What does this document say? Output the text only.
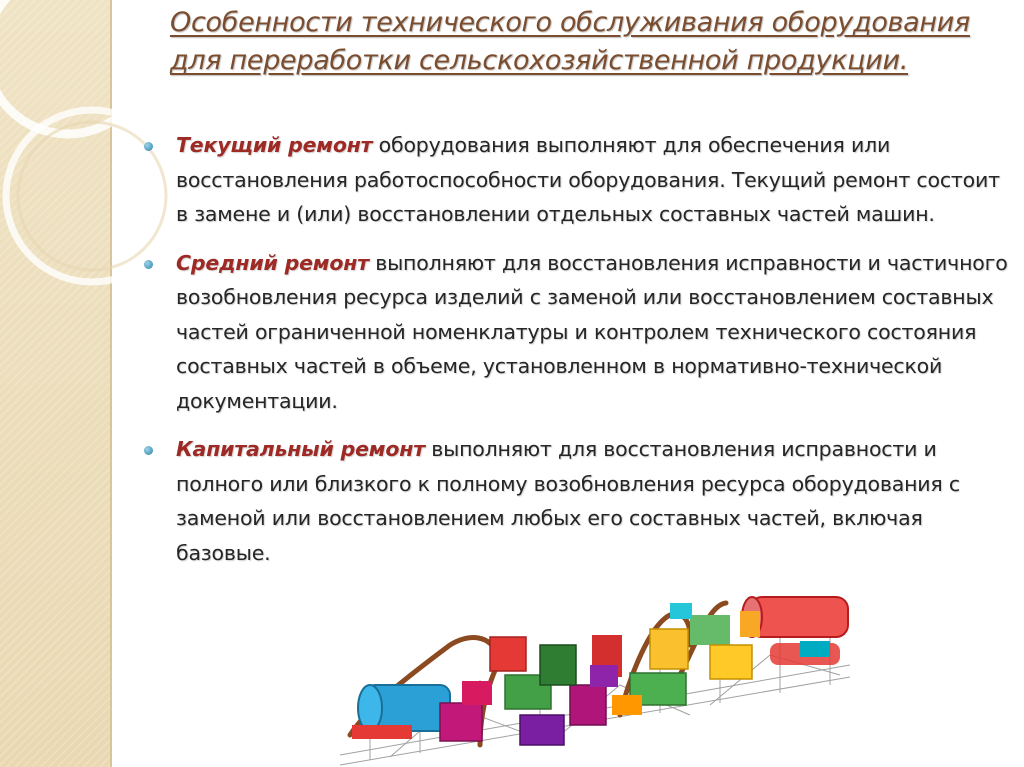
Особенности технического обслуживания оборудования для переработки сельскохозяйственной продукции.
Текущий ремонт оборудования выполняют для обеспечения или восстановления работоспособности оборудования. Текущий ремонт состоит в замене и (или) восстановлении отдельных составных частей машин.
Средний ремонт выполняют для восстановления исправности и частичного возобновления ресурса изделий с заменой или восстановлением составных частей ограниченной номенклатуры и контролем технического состояния составных частей в объеме, установленном в нормативно-технической документации.
Капитальный ремонт выполняют для восстановления исправности и полного или близкого к полному возобновления ресурса оборудования с заменой или восстановлением любых его составных частей, включая базовые.
